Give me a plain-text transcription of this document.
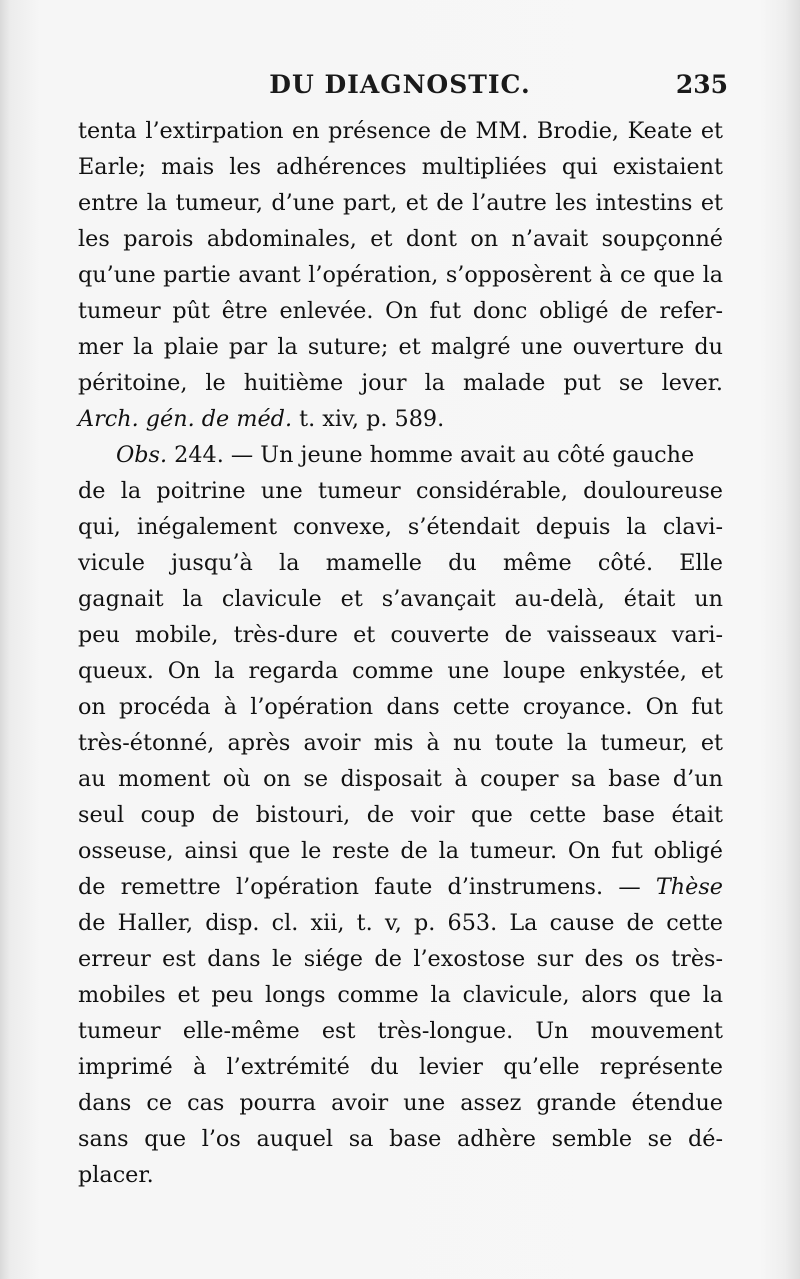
DU DIAGNOSTIC.	235
tenta l’extirpation en présence de MM. Brodie, Keate et
Earle; mais les adhérences multipliées qui existaient
entre la tumeur, d’une part, et de l’autre les intestins et
les parois abdominales, et dont on n’avait soupçonné
qu’une partie avant l’opération, s’opposèrent à ce que la
tumeur pût être enlevée. On fut donc obligé de refer-
mer la plaie par la suture; et malgré une ouverture du
péritoine, le huitième jour la malade put se lever.
Arch. gén. de méd. t. xiv, p. 589.
Obs. 244. — Un jeune homme avait au côté gauche
de la poitrine une tumeur considérable, douloureuse
qui, inégalement convexe, s’étendait depuis la clavi-
vicule jusqu’à la mamelle du même côté. Elle
gagnait la clavicule et s’avançait au-delà, était un
peu mobile, très-dure et couverte de vaisseaux vari-
queux. On la regarda comme une loupe enkystée, et
on procéda à l’opération dans cette croyance. On fut
très-étonné, après avoir mis à nu toute la tumeur, et
au moment où on se disposait à couper sa base d’un
seul coup de bistouri, de voir que cette base était
osseuse, ainsi que le reste de la tumeur. On fut obligé
de remettre l’opération faute d’instrumens. — Thèse
de Haller, disp. cl. xii, t. v, p. 653. La cause de cette
erreur est dans le siége de l’exostose sur des os très-
mobiles et peu longs comme la clavicule, alors que la
tumeur elle-même est très-longue. Un mouvement
imprimé à l’extrémité du levier qu’elle représente
dans ce cas pourra avoir une assez grande étendue
sans que l’os auquel sa base adhère semble se dé-
placer.
